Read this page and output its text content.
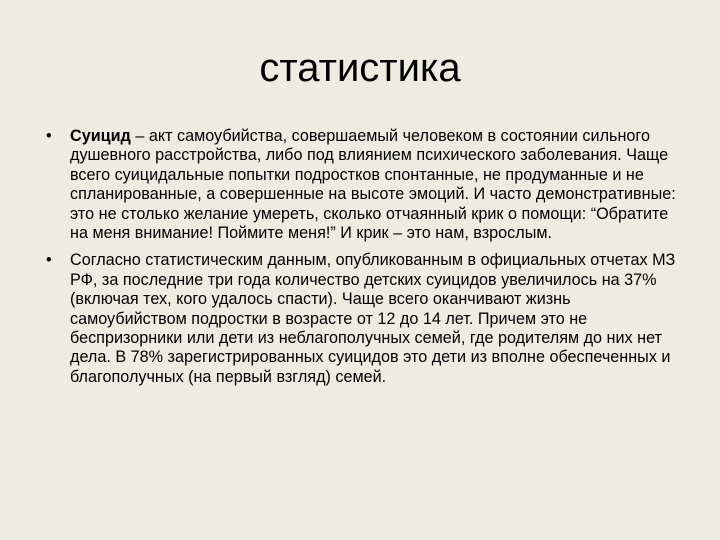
статистика
•	Суицид – акт самоубийства, совершаемый человеком в состоянии сильного душевного расстройства, либо под влиянием психического заболевания. Чаще всего суицидальные попытки подростков спонтанные, не продуманные и не спланированные, а совершенные на высоте эмоций. И часто демонстративные: это не столько желание умереть, сколько отчаянный крик о помощи: “Обратите на меня внимание! Поймите меня!” И крик – это нам, взрослым.
•	Согласно статистическим данным, опубликованным в официальных отчетах МЗ РФ, за последние три года количество детских суицидов увеличилось на 37% (включая тех, кого удалось спасти). Чаще всего оканчивают жизнь самоубийством подростки в возрасте от 12 до 14 лет. Причем это не беспризорники или дети из неблагополучных семей, где родителям до них нет дела. В 78% зарегистрированных суицидов это дети из вполне обеспеченных и благополучных (на первый взгляд) семей.
